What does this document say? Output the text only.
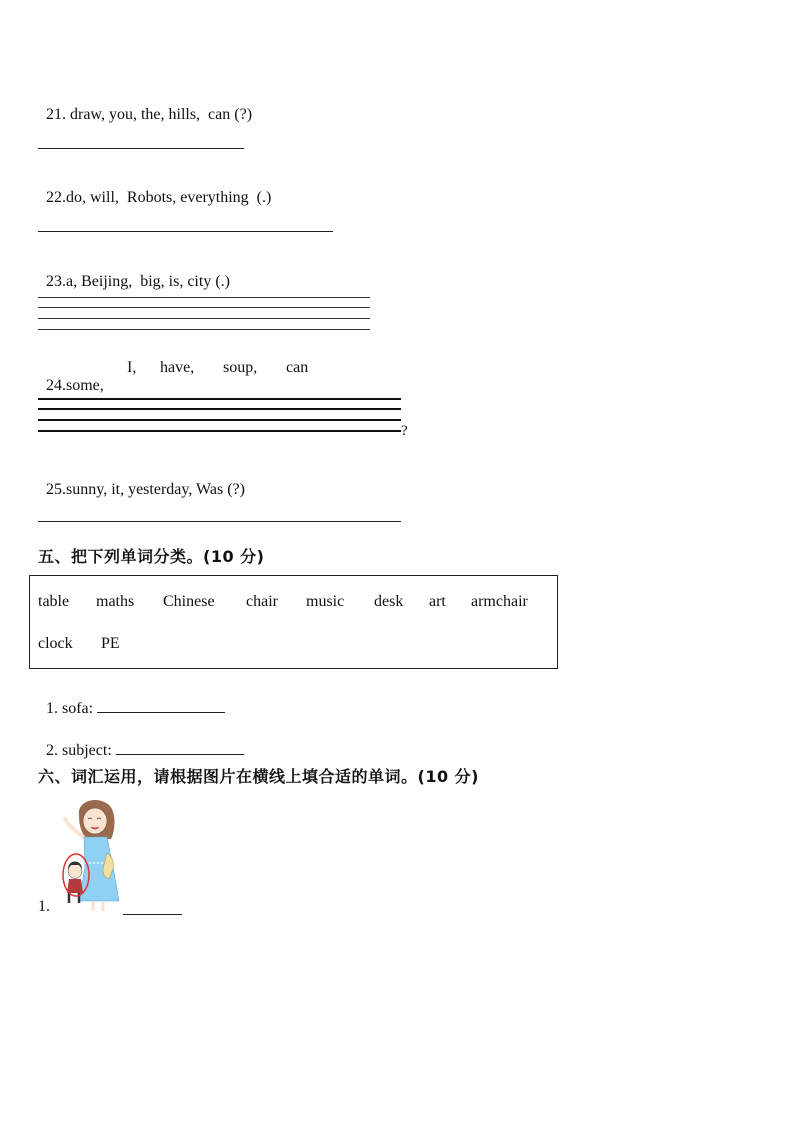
21. draw, you, the, hills,  can (?)

22.do, will,  Robots, everything  (.)

23.a, Beijing,  big, is, city (.)

24.some,

I, have, soup, can
?

25.sunny, it, yesterday, Was (?)

五、把下列单词分类。(10 分)
table maths Chinese chair music desk art armchair
clock PE

1. sofa:

2. subject:

六、词汇运用，请根据图片在横线上填合适的单词。(10 分)
1.
